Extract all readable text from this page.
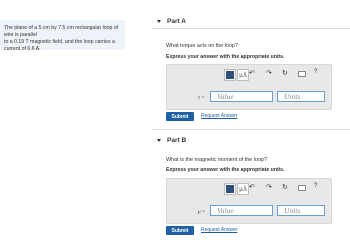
The plane of a 5 cm by 7.5 cm rectangular loop of wire is parallel
to a 0.19 T magnetic field, and the loop carries a current of 6.6 A.
Part A
What torque acts on the loop?
Express your answer with the appropriate units.
μÅ ↶ ↷ ↻	?
τ =	Value	Units
Submit	Request Answer
Part B
What is the magnetic moment of the loop?
Express your answer with the appropriate units.
μÅ ↶ ↷ ↻	?
μ =	Value	Units
Submit	Request Answer
